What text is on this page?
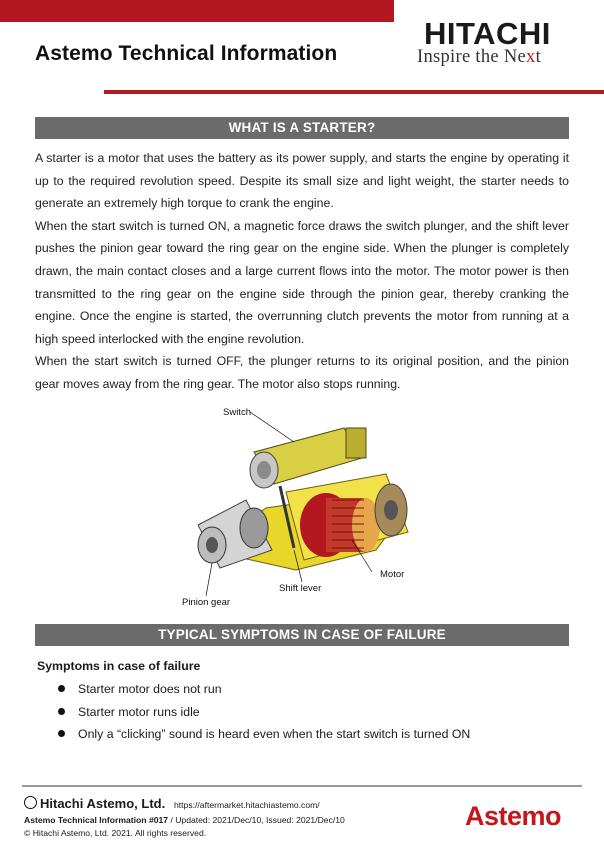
Astemo Technical Information
HITACHI
Inspire the Next
WHAT IS A STARTER?

A starter is a motor that uses the battery as its power supply, and starts the engine by operating it up to the required revolution speed. Despite its small size and light weight, the starter needs to generate an extremely high torque to crank the engine.

When the start switch is turned ON, a magnetic force draws the switch plunger, and the shift lever pushes the pinion gear toward the ring gear on the engine side. When the plunger is completely drawn, the main contact closes and a large current flows into the motor. The motor power is then transmitted to the ring gear on the engine side through the pinion gear, thereby cranking the engine. Once the engine is started, the overrunning clutch prevents the motor from running at a high speed interlocked with the engine revolution.

When the start switch is turned OFF, the plunger returns to its original position, and the pinion gear moves away from the ring gear. The motor also stops running.

Switch
Motor
Shift lever
Pinion gear
TYPICAL SYMPTOMS IN CASE OF FAILURE
Symptoms in case of failure
Starter motor does not run
Starter motor runs idle
Only a “clicking” sound is heard even when the start switch is turned ON
Hitachi Astemo, Ltd. https://aftermarket.hitachiastemo.com/
Astemo Technical Information #017 / Updated: 2021/Dec/10, Issued: 2021/Dec/10
© Hitachi Astemo, Ltd. 2021. All rights reserved.
Astemo
